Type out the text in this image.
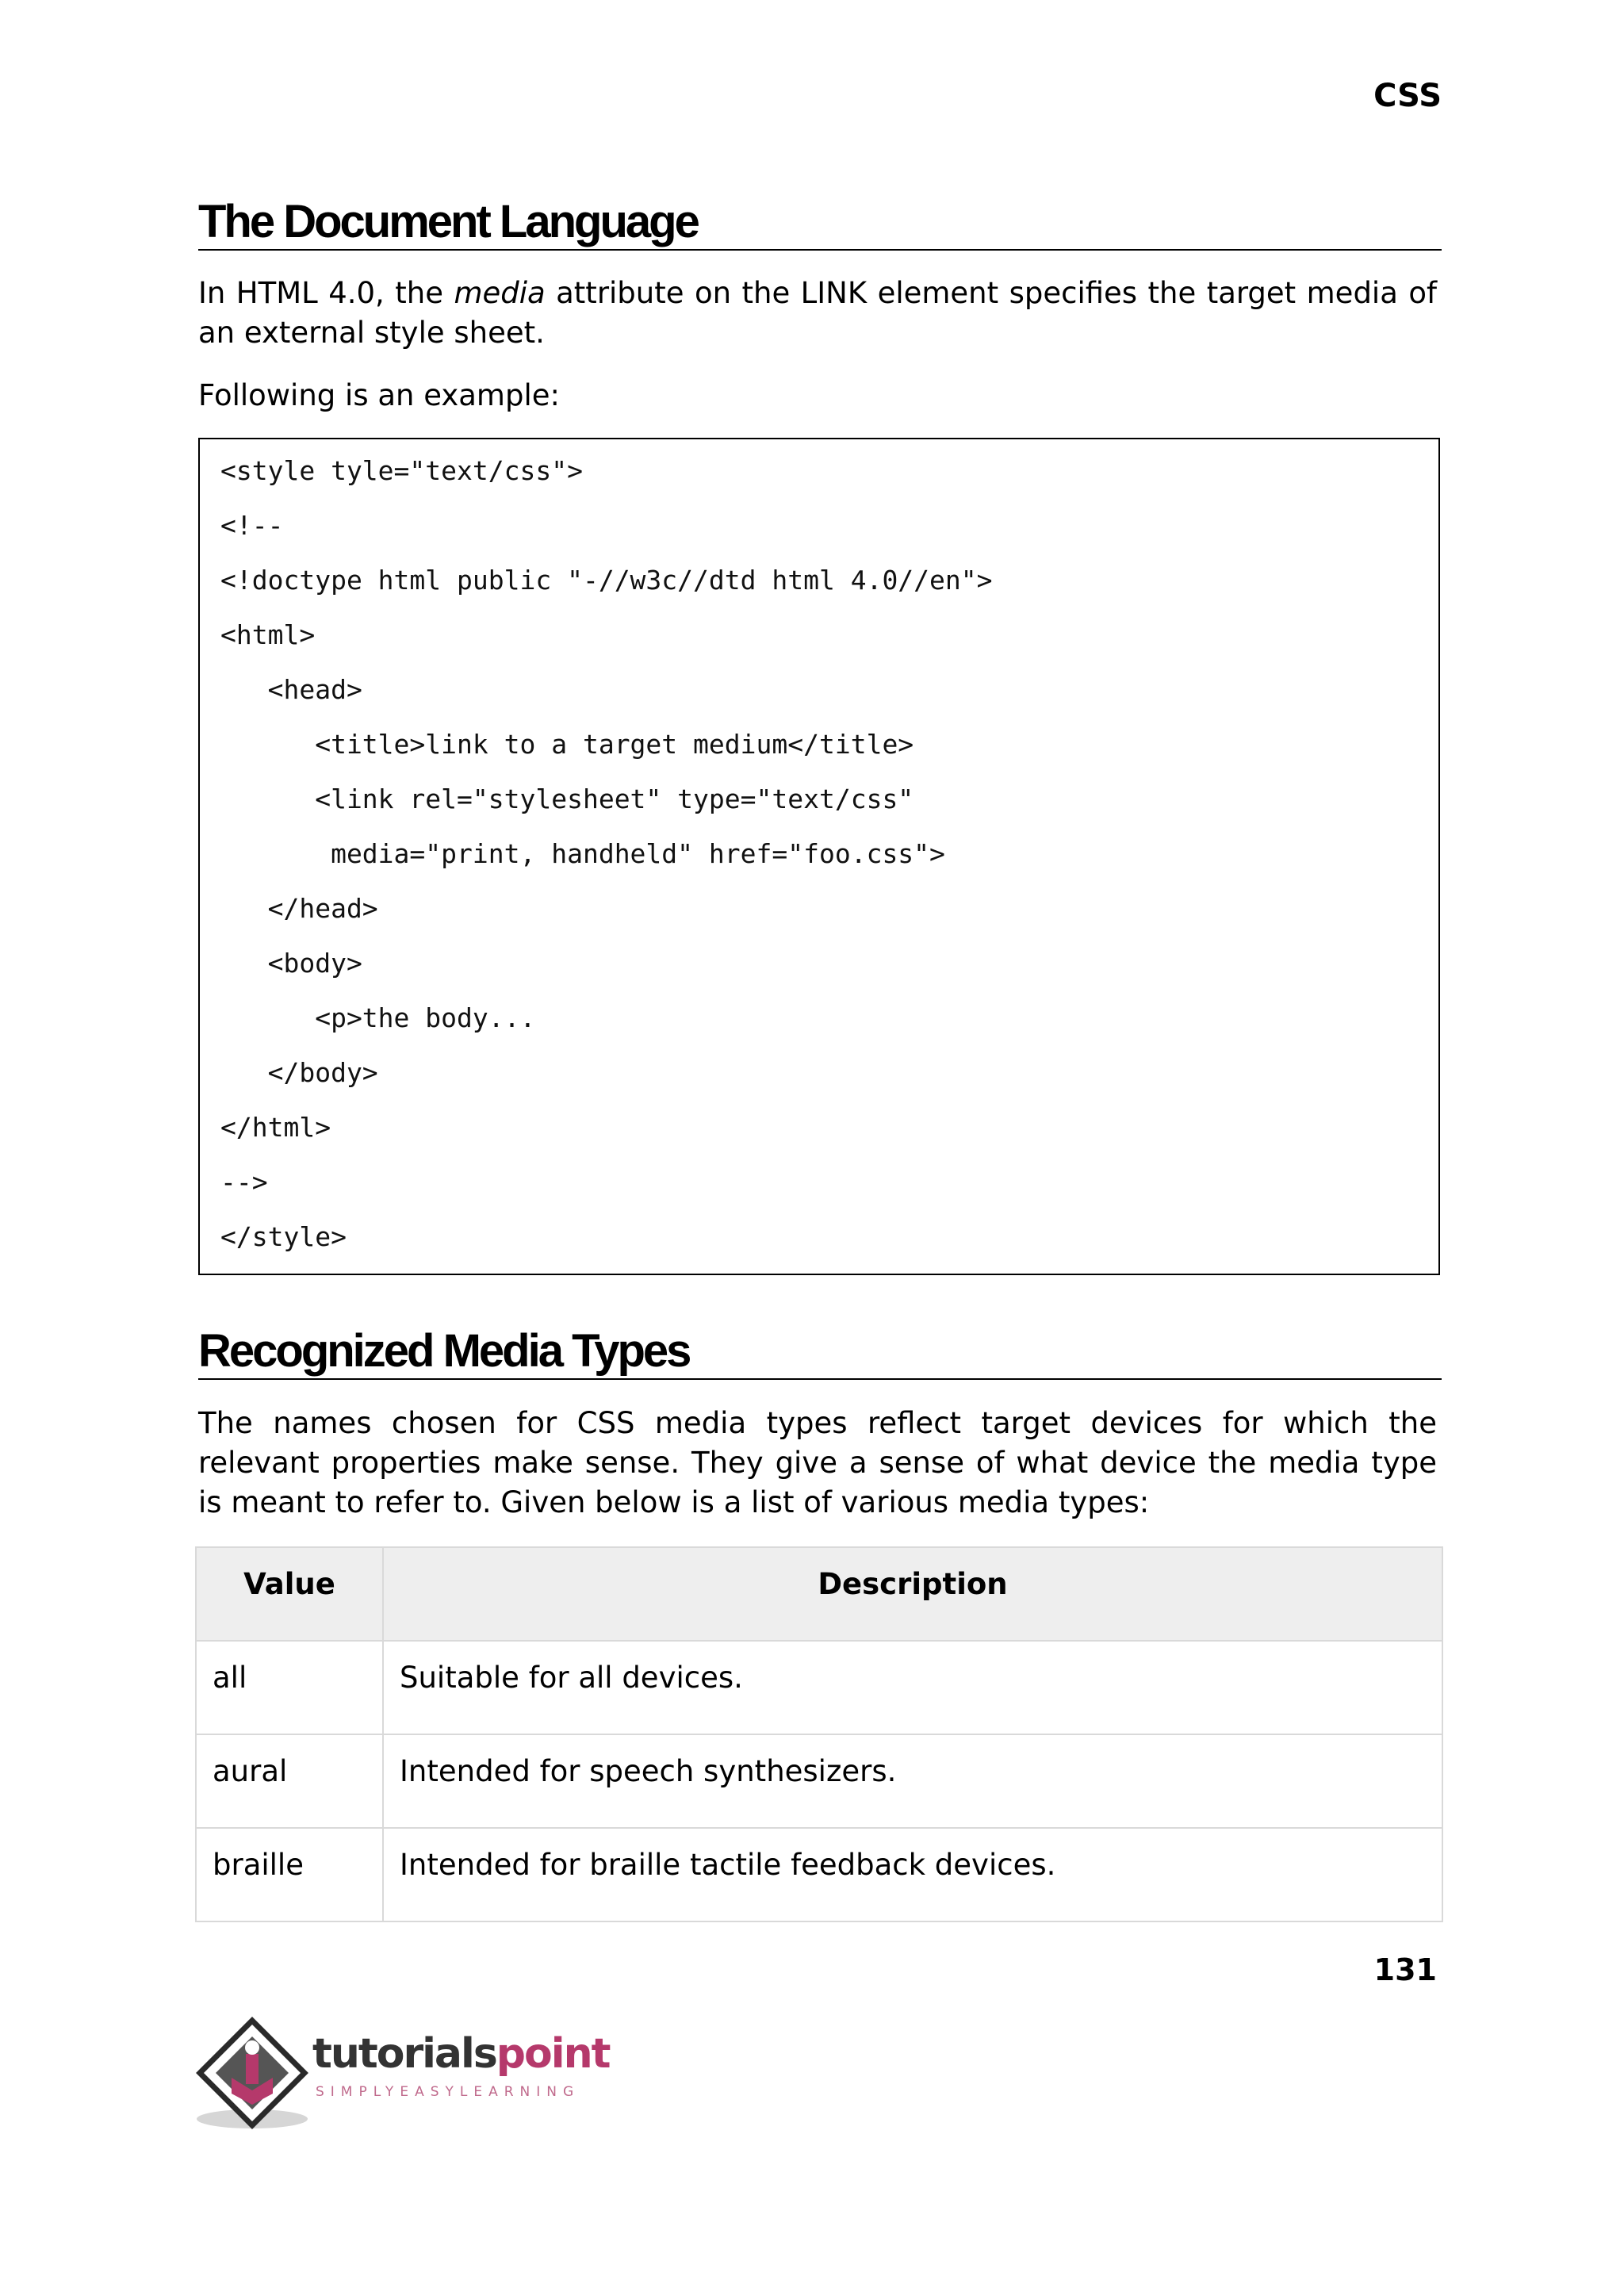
CSS
The Document Language

In HTML 4.0, the media attribute on the LINK element specifies the target media of an external style sheet.

Following is an example:

<style tyle="text/css">
<!--
<!doctype html public "-//w3c//dtd html 4.0//en">
<html>
<head>
<title>link to a target medium</title>
<link rel="stylesheet" type="text/css"
media="print, handheld" href="foo.css">
</head>
<body>
<p>the body...
</body>
</html>
-->
</style>
Recognized Media Types

The names chosen for CSS media types reflect target devices for which the relevant properties make sense. They give a sense of what device the media type is meant to refer to. Given below is a list of various media types:

Value	Description
all	Suitable for all devices.
aural	Intended for speech synthesizers.
braille	Intended for braille tactile feedback devices.
131
tutorialspoint
SIMPLYEASYLEARNING
